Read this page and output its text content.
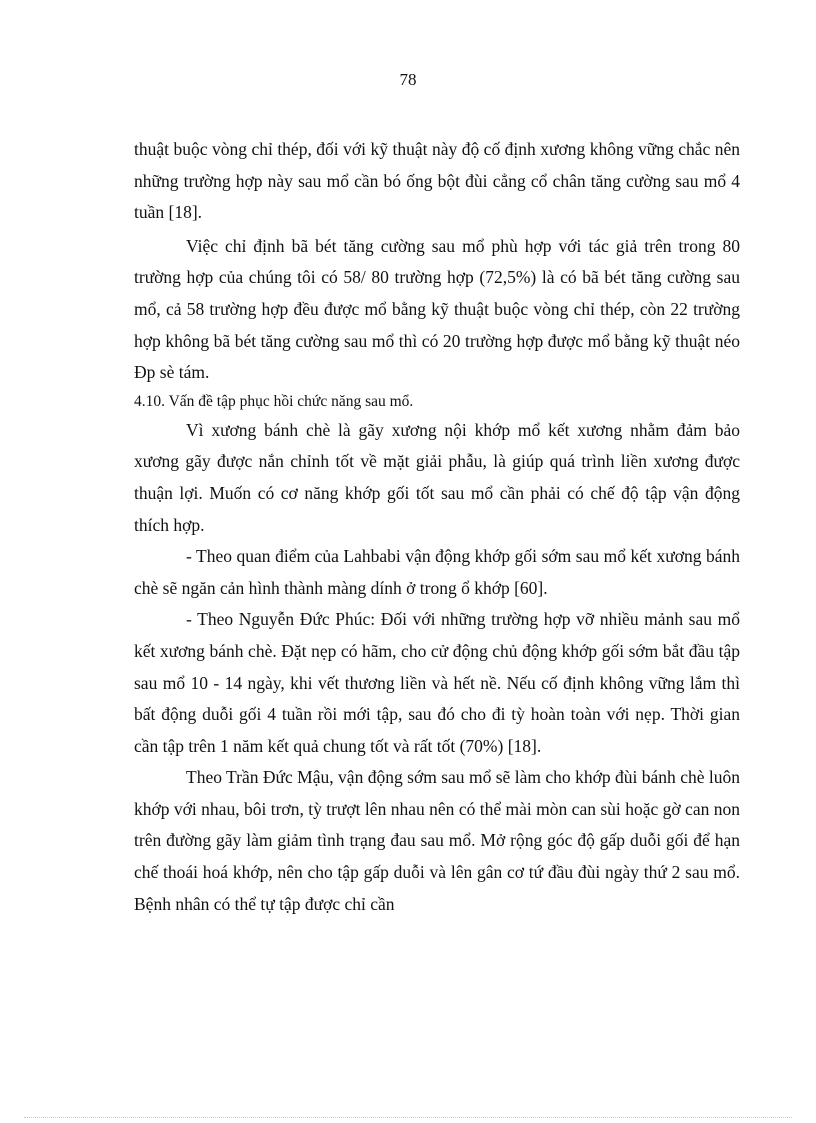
78

thuật buộc vòng chỉ thép, đối với kỹ thuật này độ cố định xương không vững chắc nên những trường hợp này sau mổ cần bó ống bột đùi cẳng cổ chân tăng cường sau mổ 4 tuần [18].

Việc chỉ định bã bét tăng cường sau mổ phù hợp với tác giả trên trong 80 trường hợp của chúng tôi có 58/ 80 trường hợp (72,5%) là có bã bét tăng cường sau mổ, cả 58 trường hợp đều được mổ bằng kỹ thuật buộc vòng chỉ thép, còn 22 trường hợp không bã bét tăng cường sau mổ thì có 20 trường hợp được mổ bằng kỹ thuật néo Đp sè tám.

4.10. Vấn đề tập phục hồi chức năng sau mổ.

Vì xương bánh chè là gãy xương nội khớp mổ kết xương nhằm đảm bảo xương gãy được nắn chỉnh tốt về mặt giải phẫu, là giúp quá trình liền xương được thuận lợi. Muốn có cơ năng khớp gối tốt sau mổ cần phải có chế độ tập vận động thích hợp.

- Theo quan điểm của Lahbabi vận động khớp gối sớm sau mổ kết xương bánh chè sẽ ngăn cản hình thành màng dính ở trong ổ khớp [60].

- Theo Nguyễn Đức Phúc: Đối với những trường hợp vỡ nhiều mảnh sau mổ kết xương bánh chè. Đặt nẹp có hãm, cho cử động chủ động khớp gối sớm bắt đầu tập sau mổ 10 - 14 ngày, khi vết thương liền và hết nề. Nếu cố định không vững lắm thì bất động duỗi gối 4 tuần rồi mới tập, sau đó cho đi tỳ hoàn toàn với nẹp. Thời gian cần tập trên 1 năm kết quả chung tốt và rất tốt (70%) [18].

Theo Trần Đức Mậu, vận động sớm sau mổ sẽ làm cho khớp đùi bánh chè luôn khớp với nhau, bôi trơn, tỳ trượt lên nhau nên có thể mài mòn can sùi hoặc gờ can non trên đường gãy làm giảm tình trạng đau sau mổ. Mở rộng góc độ gấp duỗi gối để hạn chế thoái hoá khớp, nên cho tập gấp duỗi và lên gân cơ tứ đầu đùi ngày thứ 2 sau mổ. Bệnh nhân có thể tự tập được chỉ cần
